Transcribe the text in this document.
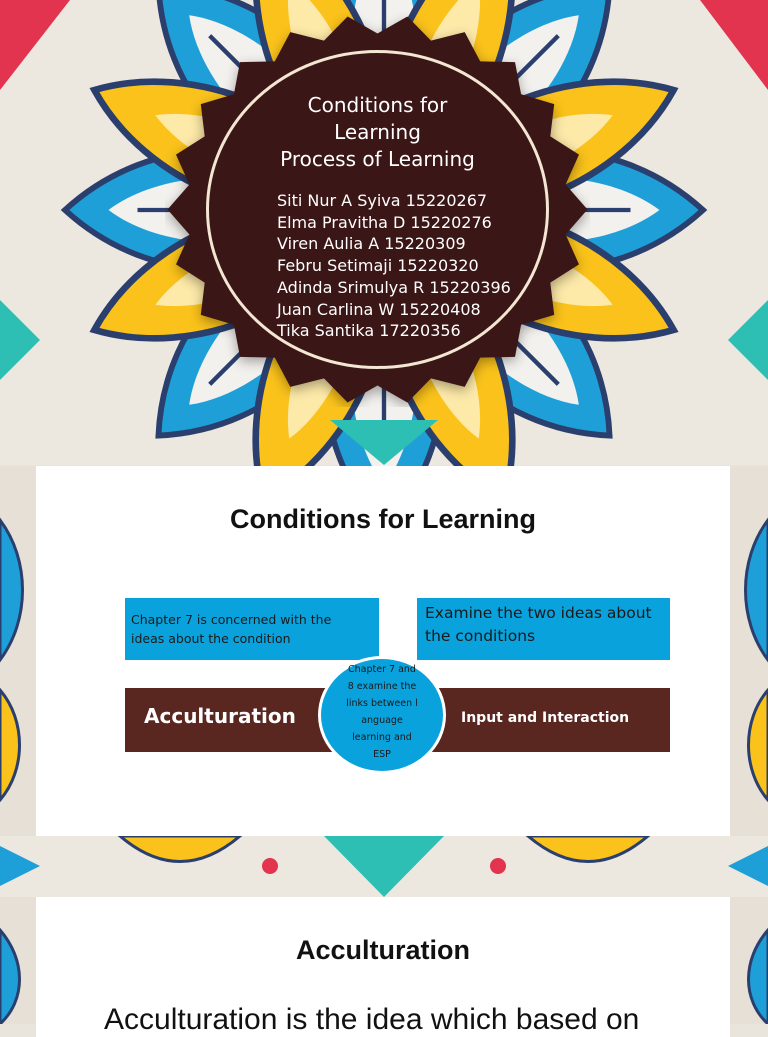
Conditions for
Learning
Process of Learning
Siti Nur A Syiva 15220267
Elma Pravitha D 15220276
Viren Aulia A 15220309
Febru Setimaji 15220320
Adinda Srimulya R 15220396
Juan Carlina W 15220408
Tika Santika 17220356
Conditions for Learning
Chapter 7 is concerned with the
ideas about the condition
Examine the two ideas about
the conditions
Acculturation	Input and Interaction
Chapter 7 and
8 examine the
links between l
anguage
learning and
ESP
Acculturation
Acculturation is the idea which based on
